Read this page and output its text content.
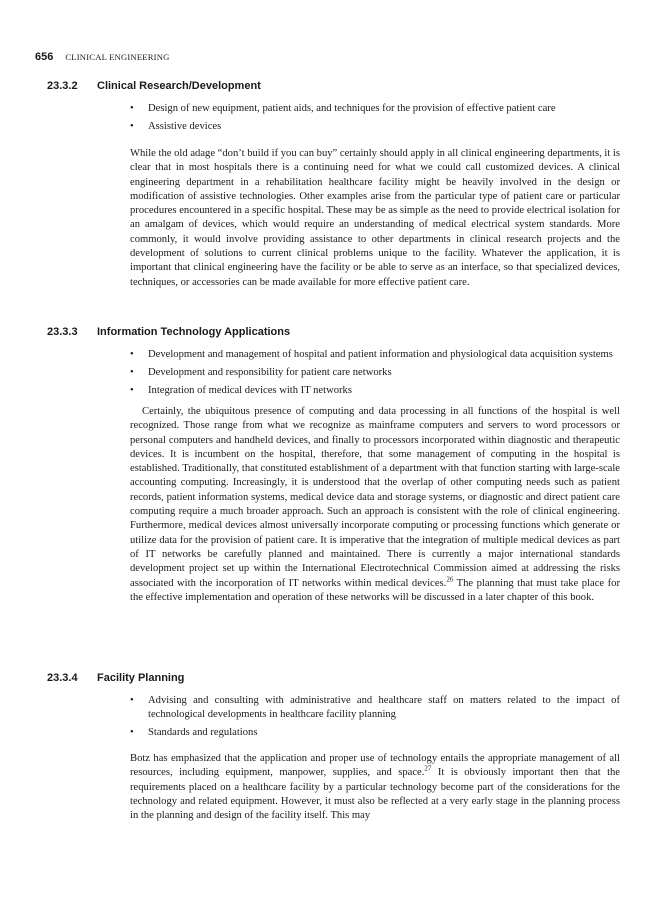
656 CLINICAL ENGINEERING
23.3.2 Clinical Research/Development
• Design of new equipment, patient aids, and techniques for the provision of effective patient care
• Assistive devices

While the old adage “don’t build if you can buy” certainly should apply in all clinical engineering departments, it is clear that in most hospitals there is a continuing need for what we could call customized devices. A clinical engineering department in a rehabilitation healthcare facility might be heavily involved in the design or modification of assistive technologies. Other examples arise from the particular type of patient care or particular procedures encountered in a specific hospital. These may be as simple as the need to provide electrical isolation for an amalgam of devices, which would require an understanding of medical electrical system standards. More commonly, it would involve providing assistance to other departments in clinical research projects and the development of solutions to current clinical problems unique to the facility. Whatever the application, it is important that clinical engineering have the facility or be able to serve as an interface, so that specialized devices, techniques, or accessories can be made available for more effective patient care.

23.3.3 Information Technology Applications
• Development and management of hospital and patient information and physiological data acquisition systems
• Development and responsibility for patient care networks
• Integration of medical devices with IT networks

Certainly, the ubiquitous presence of computing and data processing in all functions of the hospital is well recognized. Those range from what we recognize as mainframe computers and servers to word processors or personal computers and handheld devices, and finally to processors incorporated within diagnostic and therapeutic devices. It is incumbent on the hospital, therefore, that some management of computing in the hospital is established. Traditionally, that constituted establishment of a department with that function starting with large-scale accounting computing. Increasingly, it is understood that the overlap of other computing needs such as patient records, patient information systems, medical device data and storage systems, or diagnostic and direct patient care computing require a much broader approach. Such an approach is consistent with the role of clinical engineering. Furthermore, medical devices almost universally incorporate computing or processing functions which generate or utilize data for the provision of patient care. It is imperative that the integration of multiple medical devices as part of IT networks be carefully planned and maintained. There is currently a major international standards development project set up within the International Electrotechnical Commission aimed at addressing the risks associated with the incorporation of IT networks within medical devices.$^{26}$ The planning that must take place for the effective implementation and operation of these networks will be discussed in a later chapter of this book.

23.3.4 Facility Planning
• Advising and consulting with administrative and healthcare staff on matters related to the impact of technological developments in healthcare facility planning
• Standards and regulations

Botz has emphasized that the application and proper use of technology entails the appropriate management of all resources, including equipment, manpower, supplies, and space.$^{27}$ It is obviously important then that the requirements placed on a healthcare facility by a particular technology become part of the considerations for the technology and related equipment. However, it must also be reflected at a very early stage in the planning process in the planning and design of the facility itself. This may
